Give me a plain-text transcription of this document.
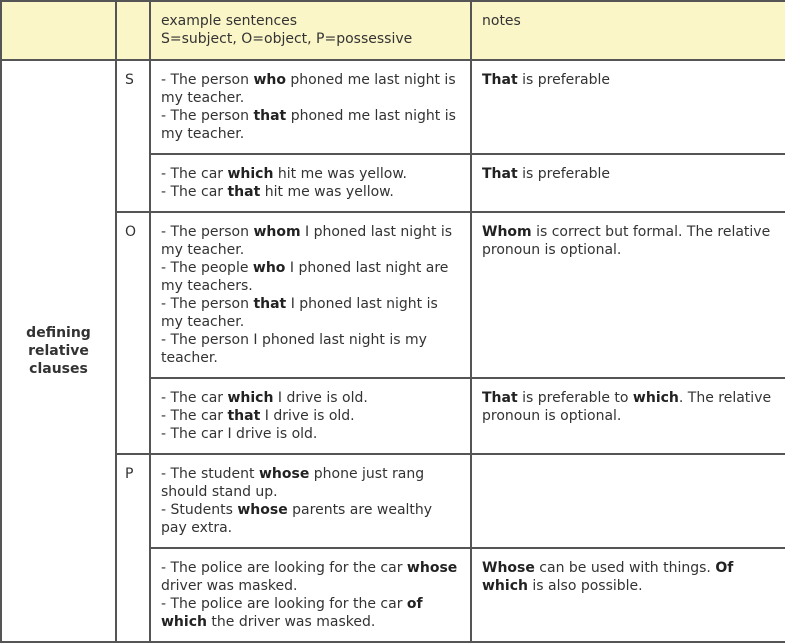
		example sentences
S=subject, O=object, P=possessive	notes

defining
relative
clauses	S	- The person who phoned me last night is my teacher.
- The person that phoned me last night is my teacher.	That is preferable

		- The car which hit me was yellow.
- The car that hit me was yellow.	That is preferable
	O	- The person whom I phoned last night is my teacher.
- The people who I phoned last night are my teachers.
- The person that I phoned last night is my teacher.
- The person I phoned last night is my teacher.	Whom is correct but formal. The relative pronoun is optional.

		- The car which I drive is old.
- The car that I drive is old.
- The car I drive is old.	That is preferable to which. The relative pronoun is optional.
	P	- The student whose phone just rang should stand up.
- Students whose parents are wealthy pay extra.	

		- The police are looking for the car whose driver was masked.
- The police are looking for the car of which the driver was masked.	Whose can be used with things. Of which is also possible.
